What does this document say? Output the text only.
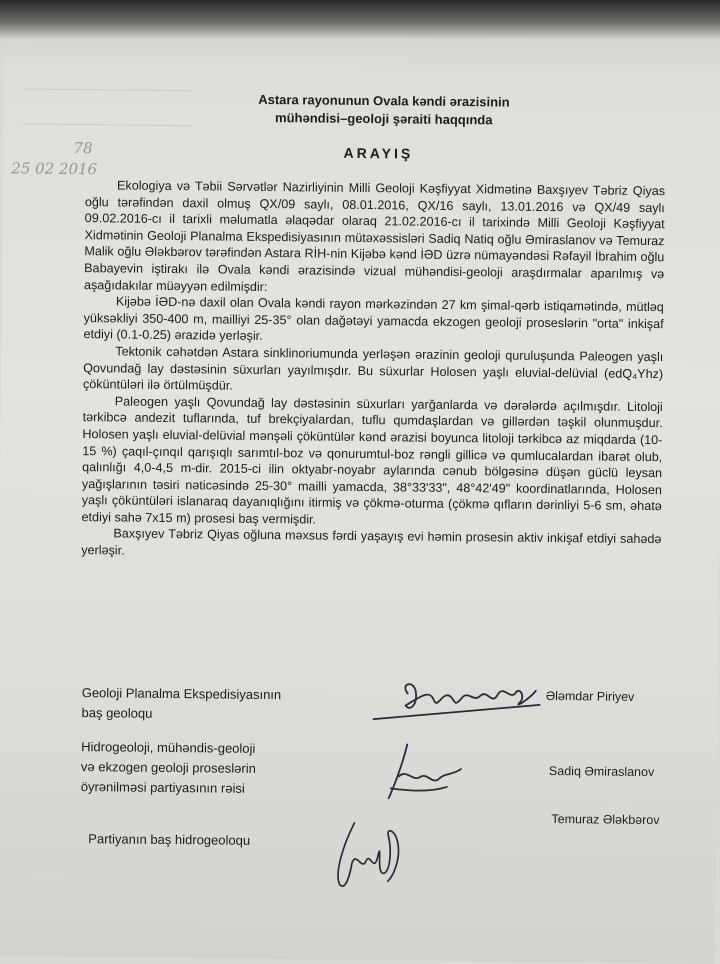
78
25 02 2016
Astara rayonunun Ovala kəndi ərazisinin
mühəndisi–geoloji şəraiti haqqında
ARAYIŞ

Ekologiya və Təbii Sərvətlər Nazirliyinin Milli Geoloji Kəşfiyyat Xidmətinə Baxşıyev Təbriz Qiyas oğlu tərəfindən daxil olmuş QX/09 saylı, 08.01.2016, QX/16 saylı, 13.01.2016 və QX/49 saylı 09.02.2016-cı il tarixli məlumatla əlaqədar olaraq 21.02.2016-cı il tarixində Milli Geoloji Kəşfiyyat Xidmətinin Geoloji Planalma Ekspedisiyasının mütəxəssisləri Sadiq Natiq oğlu Əmiraslanov və Temuraz Malik oğlu Ələkbərov tərəfindən Astara RİH-nin Kijəbə kənd İƏD üzrə nümayəndəsi Rəfayil İbrahim oğlu Babayevin iştirakı ilə Ovala kəndi ərazisində vizual mühəndisi-geoloji araşdırmalar aparılmış və aşağıdakılar müəyyən edilmişdir:

Kijəbə İƏD-nə daxil olan Ovala kəndi rayon mərkəzindən 27 km şimal-qərb istiqamətində, mütləq yüksəkliyi 350-400 m, mailliyi 25-35° olan dağətəyi yamacda ekzogen geoloji proseslərin "orta" inkişaf etdiyi (0.1-0.25) ərazidə yerləşir.

Tektonik cəhətdən Astara sinklinoriumunda yerləşən ərazinin geoloji quruluşunda Paleogen yaşlı Qovundağ lay dəstəsinin süxurları yayılmışdır. Bu süxurlar Holosen yaşlı eluvial-delüvial (edQ₄Yhz) çöküntüləri ilə örtülmüşdür.

Paleogen yaşlı Qovundağ lay dəstəsinin süxurları yarğanlarda və dərələrdə açılmışdır. Litoloji tərkibcə andezit tuflarında, tuf brekçiyalardan, tuflu qumdaşlardan və gillərdən təşkil olunmuşdur. Holosen yaşlı eluvial-delüvial mənşəli çöküntülər kənd ərazisi boyunca litoloji tərkibcə az miqdarda (10-15 %) çaqıl-çınqıl qarışıqlı sarımtıl-boz və qonurumtul-boz rəngli gillicə və qumlucalardan ibarət olub, qalınlığı 4,0-4,5 m-dir. 2015-ci ilin oktyabr-noyabr aylarında cənub bölgəsinə düşən güclü leysan yağışlarının təsiri nəticəsində 25-30° mailli yamacda, 38°33'33", 48°42'49" koordinatlarında, Holosen yaşlı çöküntüləri islanaraq dayanıqlığını itirmiş və çökmə-oturma (çökmə qıfların dərinliyi 5-6 sm, əhatə etdiyi sahə 7x15 m) prosesi baş vermişdir.

Baxşıyev Təbriz Qiyas oğluna məxsus fərdi yaşayış evi həmin prosesin aktiv inkişaf etdiyi sahədə yerləşir.

Geoloji Planalma Ekspedisiyasının
baş geoloqu
Ələmdar Piriyev
Hidrogeoloji, mühəndis-geoloji
və ekzogen geoloji proseslərin
öyrənilməsi partiyasının rəisi
Sadiq Əmiraslanov
Partiyanın baş hidrogeoloqu
Temuraz Ələkbərov
